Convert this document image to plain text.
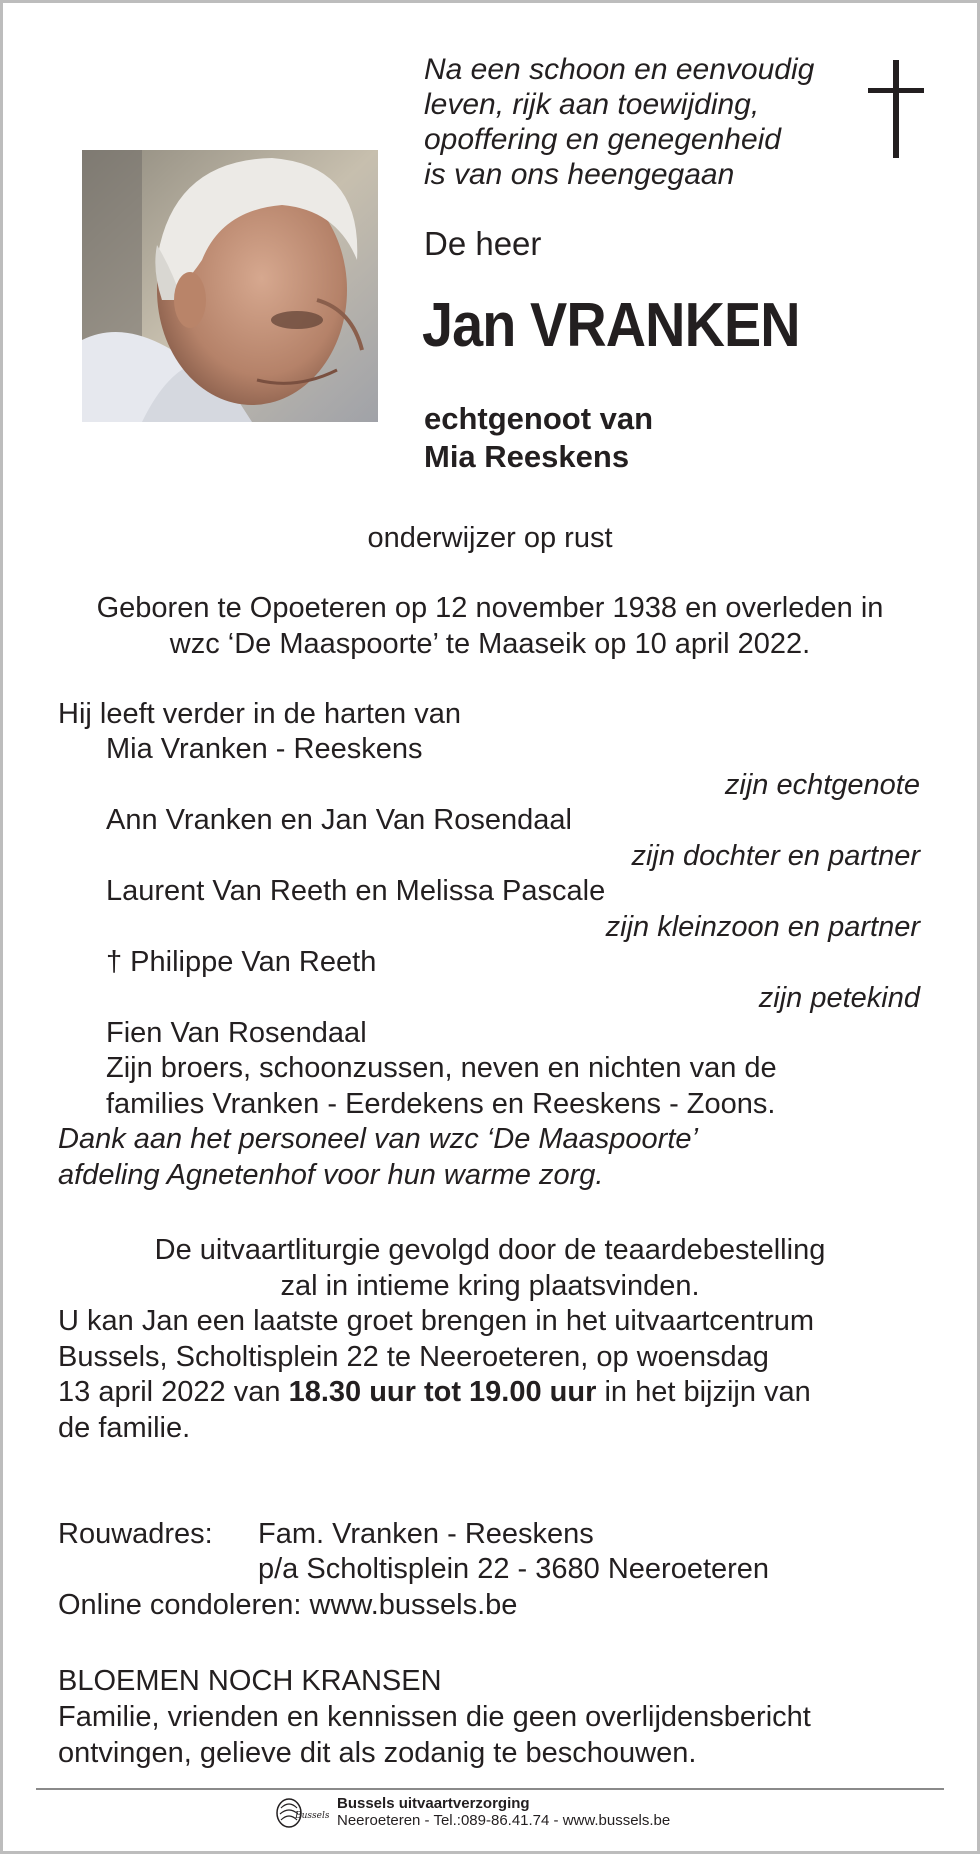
Na een schoon en eenvoudig
leven, rijk aan toewijding,
opoffering en genegenheid
is van ons heengegaan
De heer
Jan VRANKEN
echtgenoot van
Mia Reeskens
onderwijzer op rust
Geboren te Opoeteren op 12 november 1938 en overleden in
wzc ‘De Maaspoorte’ te Maaseik op 10 april 2022.
Hij leeft verder in de harten van
Mia Vranken - Reeskens
zijn echtgenote
Ann Vranken en Jan Van Rosendaal
zijn dochter en partner
Laurent Van Reeth en Melissa Pascale
zijn kleinzoon en partner
† Philippe Van Reeth
zijn petekind
Fien Van Rosendaal
Zijn broers, schoonzussen, neven en nichten van de
families Vranken - Eerdekens en Reeskens - Zoons.
Dank aan het personeel van wzc ‘De Maaspoorte’
afdeling Agnetenhof voor hun warme zorg.
De uitvaartliturgie gevolgd door de teaardebestelling
zal in intieme kring plaatsvinden.
U kan Jan een laatste groet brengen in het uitvaartcentrum
Bussels, Scholtisplein 22 te Neeroeteren, op woensdag
13 april 2022 van 18.30 uur tot 19.00 uur in het bijzijn van
de familie.
Rouwadres: Fam. Vranken - Reeskens
p/a Scholtisplein 22 - 3680 Neeroeteren
Online condoleren: www.bussels.be
BLOEMEN NOCH KRANSEN
Familie, vrienden en kennissen die geen overlijdensbericht
ontvingen, gelieve dit als zodanig te beschouwen.
Bussels
Bussels uitvaartverzorging
Neeroeteren - Tel.:089-86.41.74 - www.bussels.be
